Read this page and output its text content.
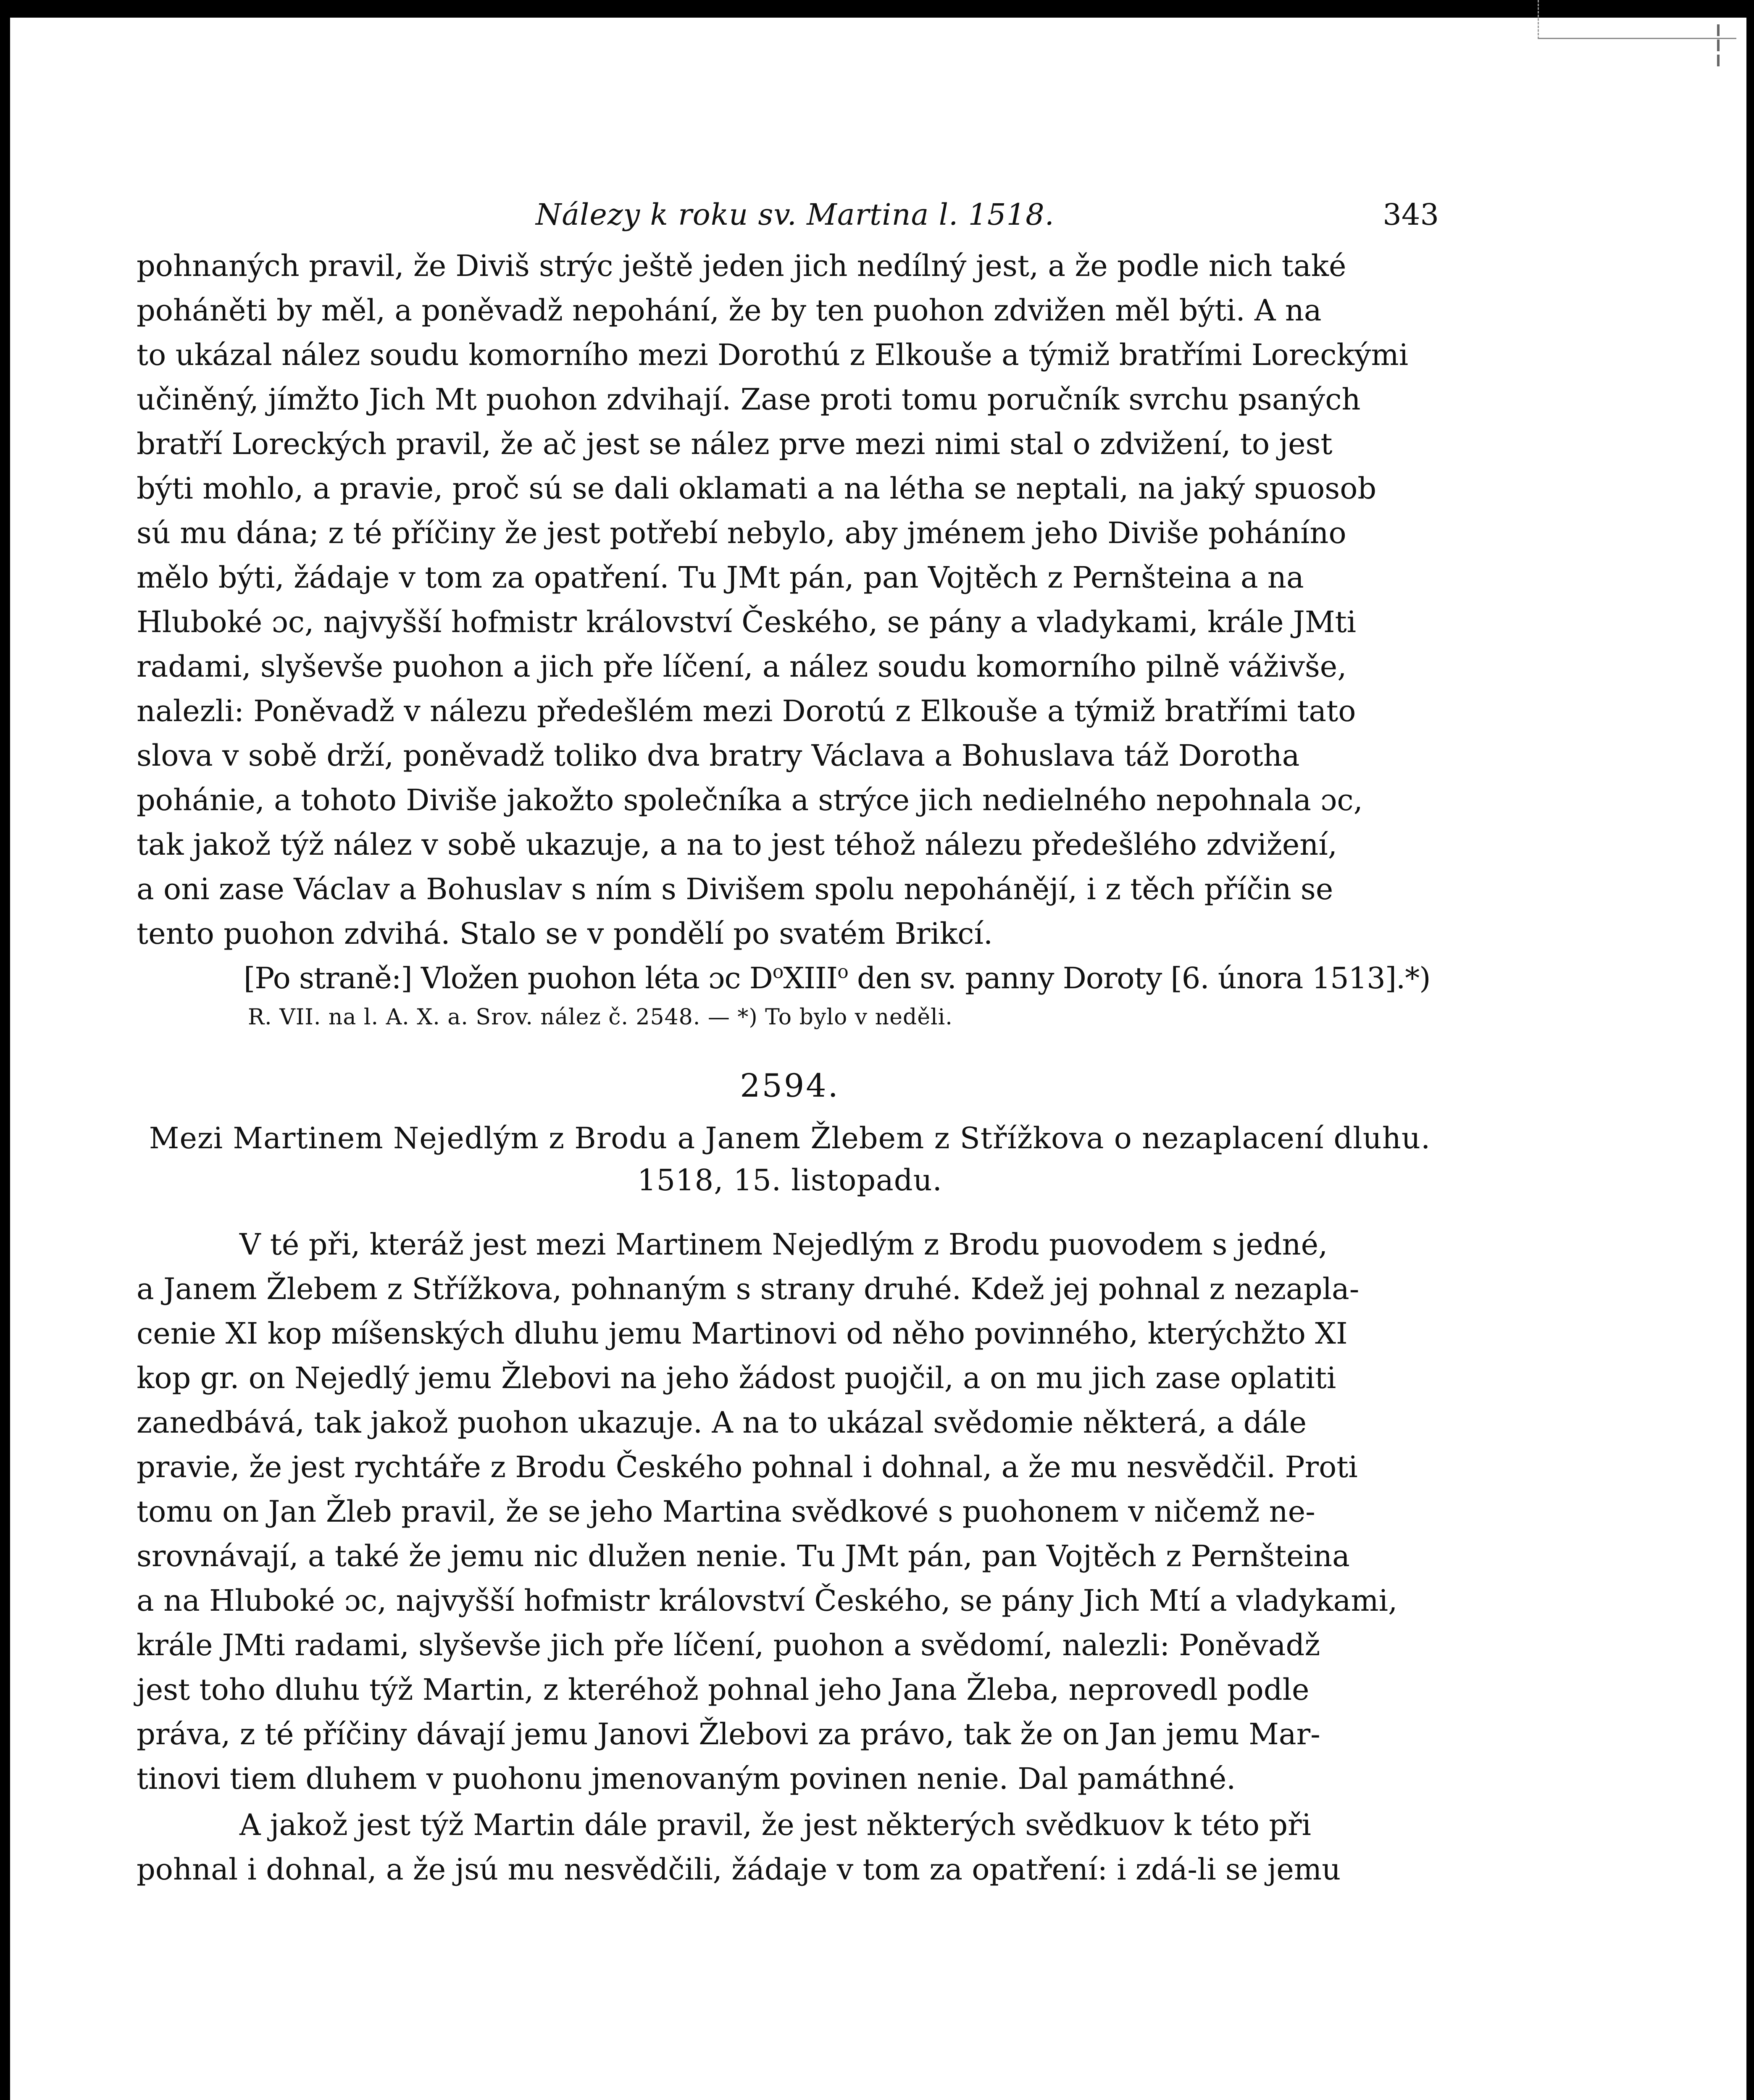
Nálezy k roku sv. Martina l. 1518.	343
pohnaných pravil, že Diviš strýc ještě jeden jich nedílný jest, a že podle nich také
poháněti by měl, a poněvadž nepohání, že by ten puohon zdvižen měl býti. A na
to ukázal nález soudu komorního mezi Dorothú z Elkouše a týmiž bratřími Loreckými
učiněný, jímžto Jich Mt puohon zdvihají. Zase proti tomu poručník svrchu psaných
bratří Loreckých pravil, že ač jest se nález prve mezi nimi stal o zdvižení, to jest
býti mohlo, a pravie, proč sú se dali oklamati a na létha se neptali, na jaký spuosob
sú mu dána; z té příčiny že jest potřebí nebylo, aby jménem jeho Diviše poháníno
mělo býti, žádaje v tom za opatření. Tu JMt pán, pan Vojtěch z Pernšteina a na
Hluboké ɔc, najvyšší hofmistr království Českého, se pány a vladykami, krále JMti
radami, slyševše puohon a jich pře líčení, a nález soudu komorního pilně váživše,
nalezli: Poněvadž v nálezu předešlém mezi Dorotú z Elkouše a týmiž bratřími tato
slova v sobě drží, poněvadž toliko dva bratry Václava a Bohuslava táž Dorotha
pohánie, a tohoto Diviše jakožto společníka a strýce jich nedielného nepohnala ɔc,
tak jakož týž nález v sobě ukazuje, a na to jest téhož nálezu předešlého zdvižení,
a oni zase Václav a Bohuslav s ním s Divišem spolu nepohánějí, i z těch příčin se
tento puohon zdvihá. Stalo se v pondělí po svatém Brikcí.
[Po straně:] Vložen puohon léta ɔc $D^oXIII^o$ den sv. panny Doroty [6. února 1513].*)
R. VII. na l. A. X. a. Srov. nález č. 2548. — *) To bylo v neděli.
2594.
Mezi Martinem Nejedlým z Brodu a Janem Žlebem z Střížkova o nezaplacení dluhu.
1518, 15. listopadu.
V té při, kteráž jest mezi Martinem Nejedlým z Brodu puovodem s jedné,
a Janem Žlebem z Střížkova, pohnaným s strany druhé. Kdež jej pohnal z nezapla-
cenie XI kop míšenských dluhu jemu Martinovi od něho povinného, kterýchžto XI
kop gr. on Nejedlý jemu Žlebovi na jeho žádost puojčil, a on mu jich zase oplatiti
zanedbává, tak jakož puohon ukazuje. A na to ukázal svědomie některá, a dále
pravie, že jest rychtáře z Brodu Českého pohnal i dohnal, a že mu nesvědčil. Proti
tomu on Jan Žleb pravil, že se jeho Martina svědkové s puohonem v ničemž ne-
srovnávají, a také že jemu nic dlužen nenie. Tu JMt pán, pan Vojtěch z Pernšteina
a na Hluboké ɔc, najvyšší hofmistr království Českého, se pány Jich Mtí a vladykami,
krále JMti radami, slyševše jich pře líčení, puohon a svědomí, nalezli: Poněvadž
jest toho dluhu týž Martin, z kteréhož pohnal jeho Jana Žleba, neprovedl podle
práva, z té příčiny dávají jemu Janovi Žlebovi za právo, tak že on Jan jemu Mar-
tinovi tiem dluhem v puohonu jmenovaným povinen nenie. Dal památhné.
A jakož jest týž Martin dále pravil, že jest některých svědkuov k této při
pohnal i dohnal, a že jsú mu nesvědčili, žádaje v tom za opatření: i zdá-li se jemu
